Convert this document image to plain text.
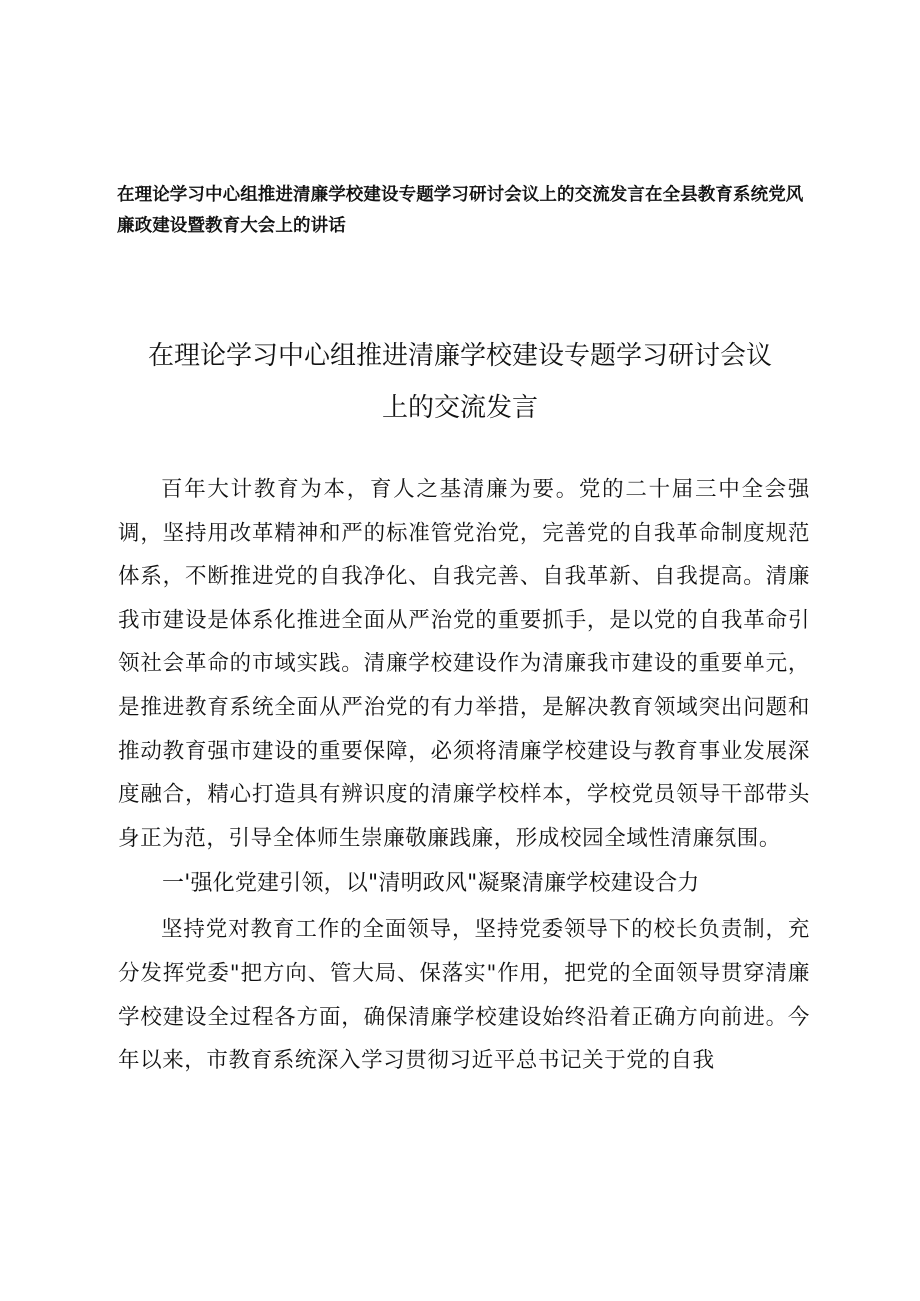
在理论学习中心组推进清廉学校建设专题学习研讨会议上的交流发言在全县教育系统党风廉政建设暨教育大会上的讲话

在理论学习中心组推进清廉学校建设专题学习研讨会议
上的交流发言

百年大计教育为本，育人之基清廉为要。党的二十届三中全会强调，坚持用改革精神和严的标准管党治党，完善党的自我革命制度规范体系，不断推进党的自我净化、自我完善、自我革新、自我提高。清廉我市建设是体系化推进全面从严治党的重要抓手，是以党的自我革命引领社会革命的市域实践。清廉学校建设作为清廉我市建设的重要单元，是推进教育系统全面从严治党的有力举措，是解决教育领域突出问题和推动教育强市建设的重要保障，必须将清廉学校建设与教育事业发展深度融合，精心打造具有辨识度的清廉学校样本，学校党员领导干部带头身正为范，引导全体师生崇廉敬廉践廉，形成校园全域性清廉氛围。

一'强化党建引领，以"清明政风"凝聚清廉学校建设合力

坚持党对教育工作的全面领导，坚持党委领导下的校长负责制，充分发挥党委"把方向、管大局、保落实"作用，把党的全面领导贯穿清廉学校建设全过程各方面，确保清廉学校建设始终沿着正确方向前进。今年以来，市教育系统深入学习贯彻习近平总书记关于党的自我
